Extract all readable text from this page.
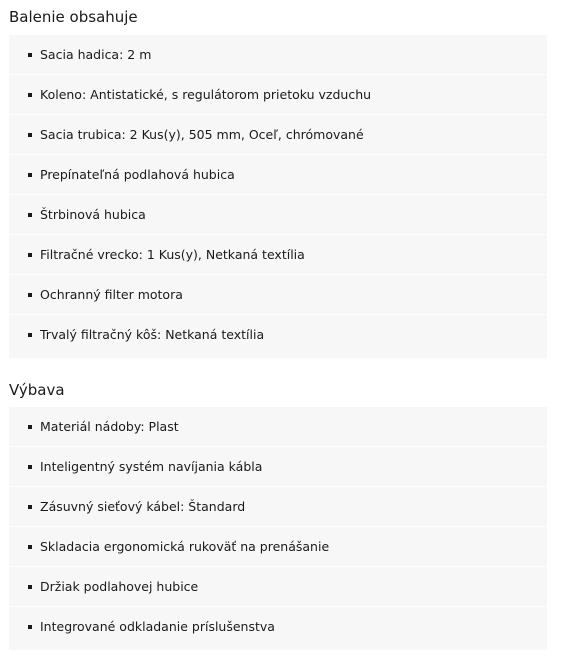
Balenie obsahuje
Sacia hadica: 2 m
Koleno: Antistatické, s regulátorom prietoku vzduchu
Sacia trubica: 2 Kus(y), 505 mm, Oceľ, chrómované
Prepínateľná podlahová hubica
Štrbinová hubica
Filtračné vrecko: 1 Kus(y), Netkaná textília
Ochranný filter motora
Trvalý filtračný kôš: Netkaná textília
Výbava
Materiál nádoby: Plast
Inteligentný systém navíjania kábla
Zásuvný sieťový kábel: Štandard
Skladacia ergonomická rukoväť na prenášanie
Držiak podlahovej hubice
Integrované odkladanie príslušenstva
